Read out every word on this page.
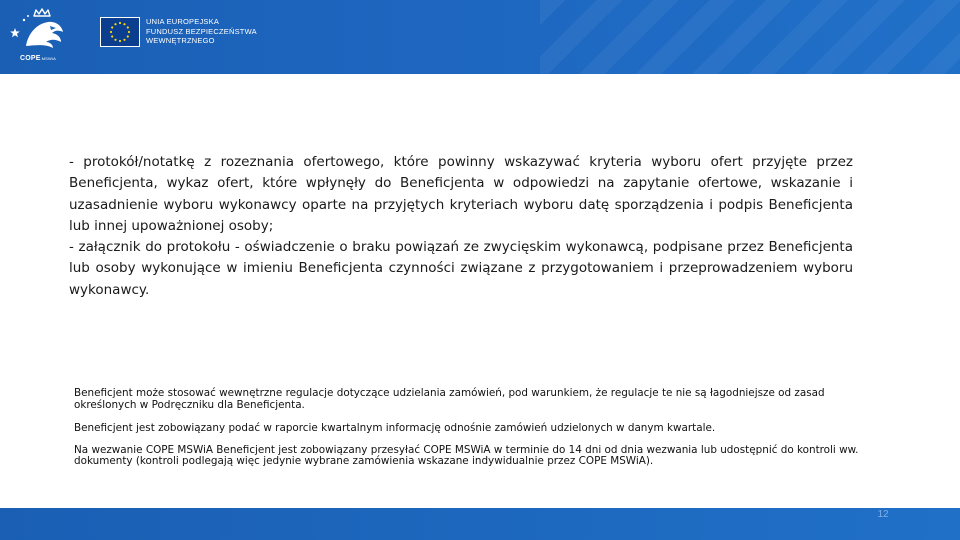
COPEMSWiA
UNIA EUROPEJSKA
FUNDUSZ BEZPIECZEŃSTWA
WEWNĘTRZNEGO

- protokół/notatkę z rozeznania ofertowego, które powinny wskazywać kryteria wyboru ofert przyjęte przez Beneficjenta, wykaz ofert, które wpłynęły do Beneficjenta w odpowiedzi na zapytanie ofertowe, wskazanie i uzasadnienie wyboru wykonawcy oparte na przyjętych kryteriach wyboru datę sporządzenia i podpis Beneficjenta lub innej upoważnionej osoby;

- załącznik do protokołu - oświadczenie o braku powiązań ze zwycięskim wykonawcą, podpisane przez Beneficjenta lub osoby wykonujące w imieniu Beneficjenta czynności związane z przygotowaniem i przeprowadzeniem wyboru wykonawcy.

Beneficjent może stosować wewnętrzne regulacje dotyczące udzielania zamówień, pod warunkiem, że regulacje te nie są łagodniejsze od zasad określonych w Podręczniku dla Beneficjenta.

Beneficjent jest zobowiązany podać w raporcie kwartalnym informację odnośnie zamówień udzielonych w danym kwartale.

Na wezwanie COPE MSWiA Beneficjent jest zobowiązany przesyłać COPE MSWiA w terminie do 14 dni od dnia wezwania lub udostępnić do kontroli ww. dokumenty (kontroli podlegają więc jedynie wybrane zamówienia wskazane indywidualnie przez COPE MSWiA).

12
